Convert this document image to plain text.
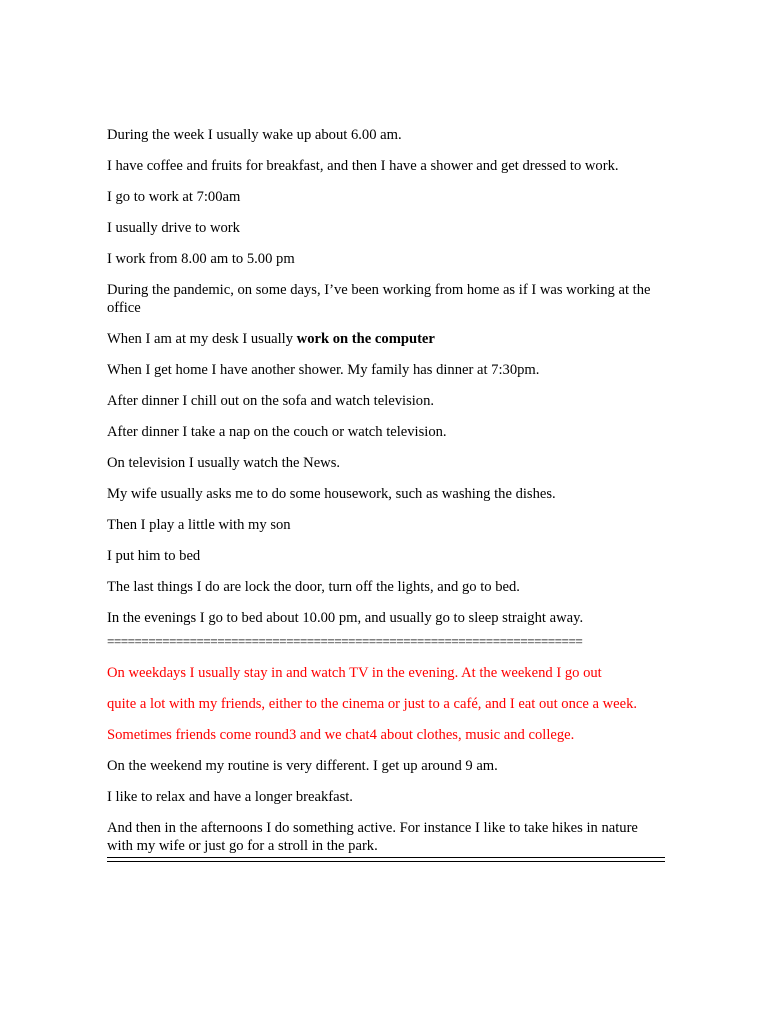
During the week I usually wake up about 6.00 am.

I have coffee and fruits for breakfast, and then I have a shower and get dressed to work.

I go to work at 7:00am

I usually drive to work

I work from 8.00 am to 5.00 pm

During the pandemic, on some days, I’ve been working from home as if I was working at the office

When I am at my desk I usually work on the computer

When I get home I have another shower. My family has dinner at 7:30pm.

After dinner I chill out on the sofa and watch television.

After dinner I take a nap on the couch or watch television.

On television I usually watch the News.

My wife usually asks me to do some housework, such as washing the dishes.

Then I play a little with my son

I put him to bed

The last things I do are lock the door, turn off the lights, and go to bed.

In the evenings I go to bed about 10.00 pm, and usually go to sleep straight away.

=====================================================================

On weekdays I usually stay in and watch TV in the evening. At the weekend I go out

quite a lot with my friends, either to the cinema or just to a café, and I eat out once a week.

Sometimes friends come round3 and we chat4 about clothes, music and college.

On the weekend my routine is very different. I get up around 9 am.

I like to relax and have a longer breakfast.

And then in the afternoons I do something active. For instance I like to take hikes in nature with my wife or just go for a stroll in the park.
